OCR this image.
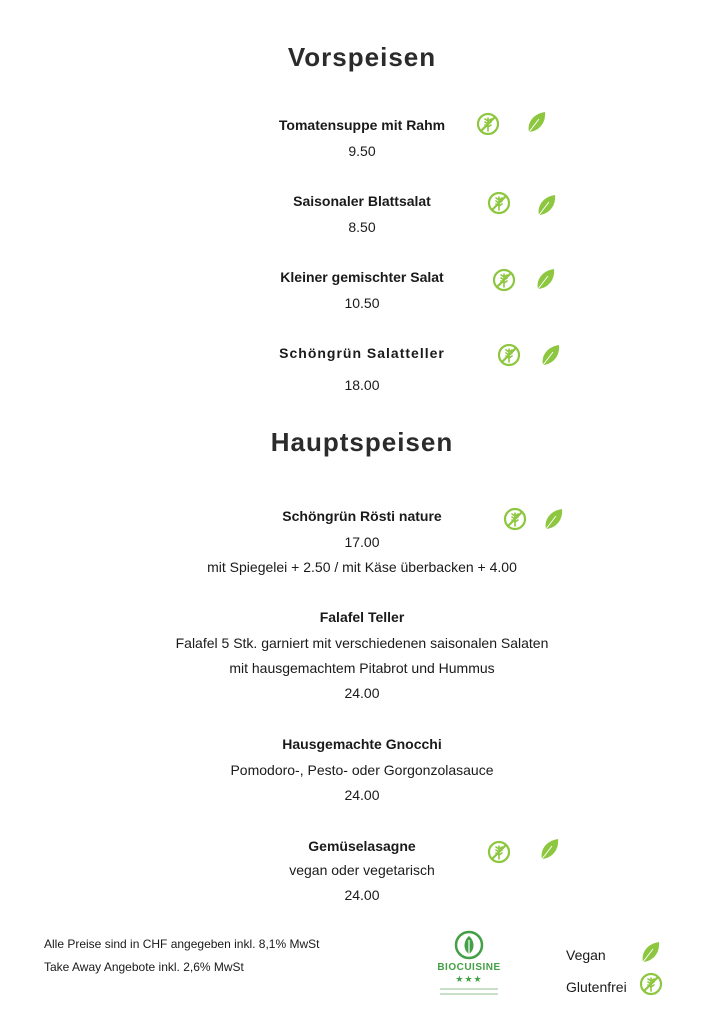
Vorspeisen
Tomatensuppe mit Rahm
9.50
Saisonaler Blattsalat
8.50
Kleiner gemischter Salat
10.50
Schöngrün Salatteller
18.00
Hauptspeisen
Schöngrün Rösti nature
17.00
mit Spiegelei + 2.50 / mit Käse überbacken + 4.00
Falafel Teller
Falafel 5 Stk. garniert mit verschiedenen saisonalen Salaten
mit hausgemachtem Pitabrot und Hummus
24.00
Hausgemachte Gnocchi
Pomodoro-, Pesto- oder Gorgonzolasauce
24.00
Gemüselasagne
vegan oder vegetarisch
24.00
Alle Preise sind in CHF angegeben inkl. 8,1% MwSt
Take Away Angebote inkl. 2,6% MwSt	BIOCUISINE
★★★
Vegan
Glutenfrei
